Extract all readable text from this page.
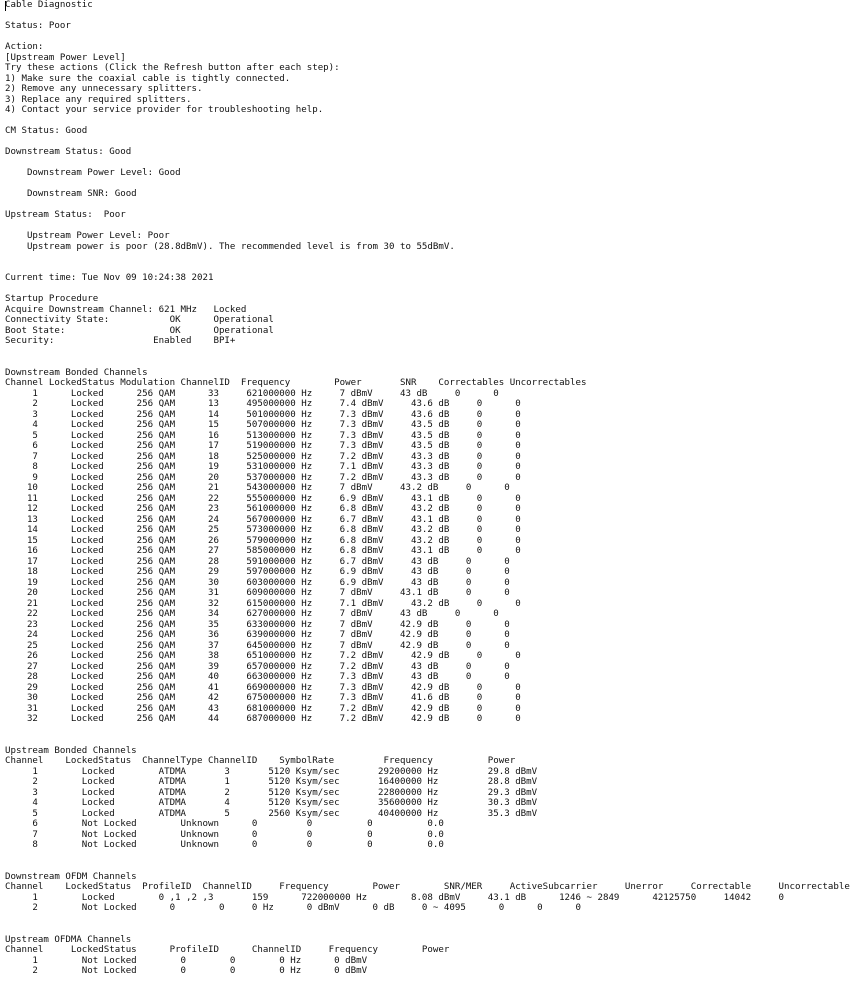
Cable Diagnostic

Status: Poor

Action:
[Upstream Power Level]
Try these actions (Click the Refresh button after each step):
1) Make sure the coaxial cable is tightly connected.
2) Remove any unnecessary splitters.
3) Replace any required splitters.
4) Contact your service provider for troubleshooting help.

CM Status: Good

Downstream Status: Good

Downstream Power Level: Good

Downstream SNR: Good

Upstream Status:  Poor

Upstream Power Level: Poor
Upstream power is poor (28.8dBmV). The recommended level is from 30 to 55dBmV.

Current time: Tue Nov 09 10:24:38 2021

Startup Procedure
Acquire Downstream Channel: 621 MHz   Locked
Connectivity State:           OK      Operational
Boot State:                   OK      Operational
Security:                  Enabled    BPI+

Downstream Bonded Channels
Channel LockedStatus Modulation ChannelID  Frequency        Power       SNR    Correctables Uncorrectables
1      Locked      256 QAM      33     621000000 Hz     7 dBmV     43 dB     0      0
2      Locked      256 QAM      13     495000000 Hz     7.4 dBmV     43.6 dB     0      0
3      Locked      256 QAM      14     501000000 Hz     7.3 dBmV     43.6 dB     0      0
4      Locked      256 QAM      15     507000000 Hz     7.3 dBmV     43.5 dB     0      0
5      Locked      256 QAM      16     513000000 Hz     7.3 dBmV     43.5 dB     0      0
6      Locked      256 QAM      17     519000000 Hz     7.3 dBmV     43.5 dB     0      0
7      Locked      256 QAM      18     525000000 Hz     7.2 dBmV     43.3 dB     0      0
8      Locked      256 QAM      19     531000000 Hz     7.1 dBmV     43.3 dB     0      0
9      Locked      256 QAM      20     537000000 Hz     7.2 dBmV     43.3 dB     0      0
10      Locked      256 QAM      21     543000000 Hz     7 dBmV     43.2 dB     0      0
11      Locked      256 QAM      22     555000000 Hz     6.9 dBmV     43.1 dB     0      0
12      Locked      256 QAM      23     561000000 Hz     6.8 dBmV     43.2 dB     0      0
13      Locked      256 QAM      24     567000000 Hz     6.7 dBmV     43.1 dB     0      0
14      Locked      256 QAM      25     573000000 Hz     6.8 dBmV     43.2 dB     0      0
15      Locked      256 QAM      26     579000000 Hz     6.8 dBmV     43.2 dB     0      0
16      Locked      256 QAM      27     585000000 Hz     6.8 dBmV     43.1 dB     0      0
17      Locked      256 QAM      28     591000000 Hz     6.7 dBmV     43 dB     0      0
18      Locked      256 QAM      29     597000000 Hz     6.9 dBmV     43 dB     0      0
19      Locked      256 QAM      30     603000000 Hz     6.9 dBmV     43 dB     0      0
20      Locked      256 QAM      31     609000000 Hz     7 dBmV     43.1 dB     0      0
21      Locked      256 QAM      32     615000000 Hz     7.1 dBmV     43.2 dB     0      0
22      Locked      256 QAM      34     627000000 Hz     7 dBmV     43 dB     0      0
23      Locked      256 QAM      35     633000000 Hz     7 dBmV     42.9 dB     0      0
24      Locked      256 QAM      36     639000000 Hz     7 dBmV     42.9 dB     0      0
25      Locked      256 QAM      37     645000000 Hz     7 dBmV     42.9 dB     0      0
26      Locked      256 QAM      38     651000000 Hz     7.2 dBmV     42.9 dB     0      0
27      Locked      256 QAM      39     657000000 Hz     7.2 dBmV     43 dB     0      0
28      Locked      256 QAM      40     663000000 Hz     7.3 dBmV     43 dB     0      0
29      Locked      256 QAM      41     669000000 Hz     7.3 dBmV     42.9 dB     0      0
30      Locked      256 QAM      42     675000000 Hz     7.3 dBmV     41.6 dB     0      0
31      Locked      256 QAM      43     681000000 Hz     7.2 dBmV     42.9 dB     0      0
32      Locked      256 QAM      44     687000000 Hz     7.2 dBmV     42.9 dB     0      0

Upstream Bonded Channels
Channel    LockedStatus  ChannelType ChannelID    SymbolRate         Frequency          Power
1        Locked        ATDMA       3       5120 Ksym/sec       29200000 Hz         29.8 dBmV
2        Locked        ATDMA       1       5120 Ksym/sec       16400000 Hz         28.8 dBmV
3        Locked        ATDMA       2       5120 Ksym/sec       22800000 Hz         29.3 dBmV
4        Locked        ATDMA       4       5120 Ksym/sec       35600000 Hz         30.3 dBmV
5        Locked        ATDMA       5       2560 Ksym/sec       40400000 Hz         35.3 dBmV
6        Not Locked        Unknown      0         0          0          0.0
7        Not Locked        Unknown      0         0          0          0.0
8        Not Locked        Unknown      0         0          0          0.0

Downstream OFDM Channels
Channel    LockedStatus  ProfileID  ChannelID     Frequency        Power        SNR/MER     ActiveSubcarrier     Unerror     Correctable     Uncorrectable
1        Locked        0 ,1 ,2 ,3       159      722000000 Hz        8.08 dBmV     43.1 dB      1246 ~ 2849      42125750     14042     0
2        Not Locked      0        0     0 Hz      0 dBmV      0 dB     0 ~ 4095      0      0      0

Upstream OFDMA Channels
Channel     LockedStatus      ProfileID      ChannelID     Frequency        Power
1        Not Locked        0        0        0 Hz      0 dBmV
2        Not Locked        0        0        0 Hz      0 dBmV
